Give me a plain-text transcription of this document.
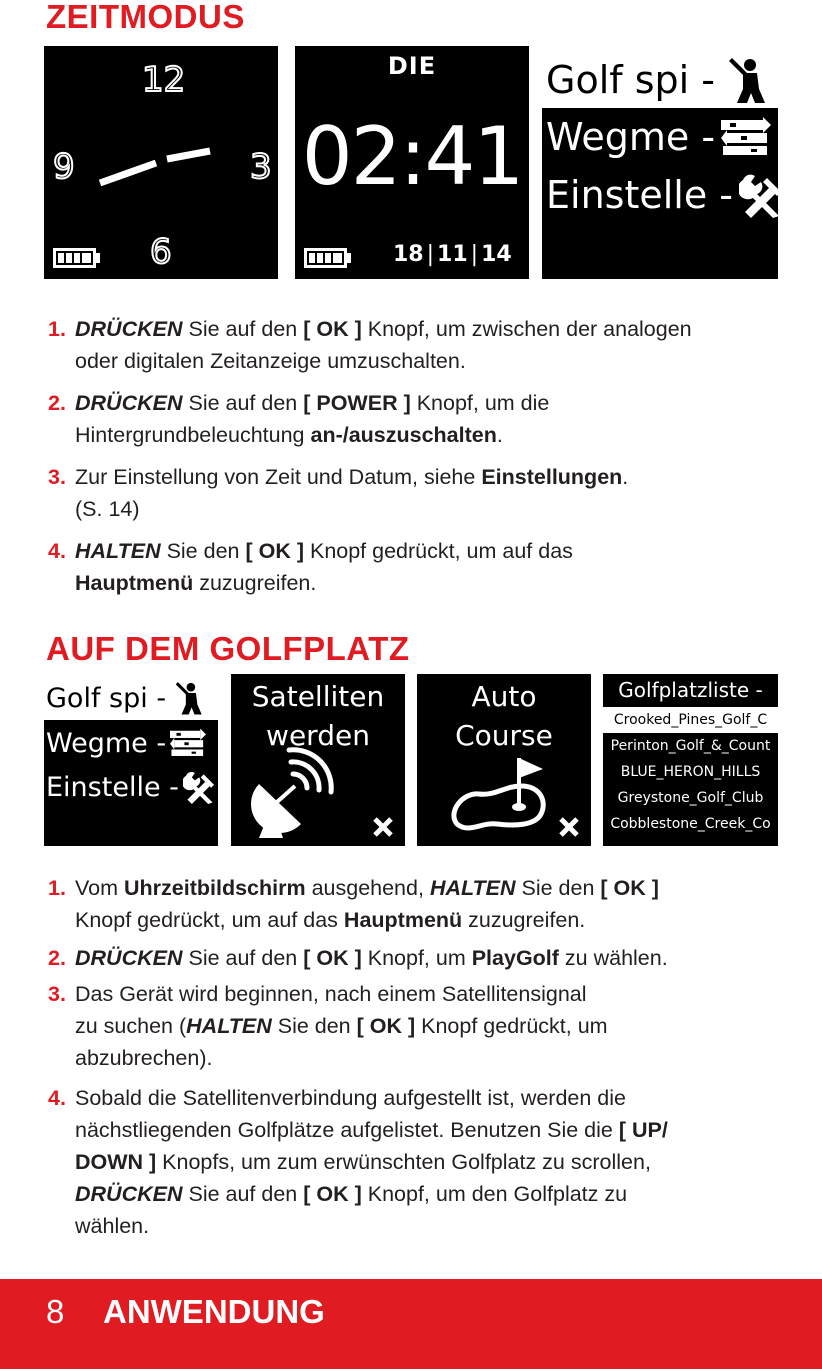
ZEITMODUS
12
3
6
9
DIE
02:41
18 | 11 | 14
Golf spi -
Wegme -
Einstelle -
1. DRÜCKEN Sie auf den [ OK ] Knopf, um zwischen der analogen
oder digitalen Zeitanzeige umzuschalten.
2. DRÜCKEN Sie auf den [ POWER ] Knopf, um die
Hintergrundbeleuchtung an-/auszuschalten.
3. Zur Einstellung von Zeit und Datum, siehe Einstellungen.
(S. 14)
4. HALTEN Sie den [ OK ] Knopf gedrückt, um auf das
Hauptmenü zuzugreifen.
AUF DEM GOLFPLATZ
Golf spi -
Wegme -
Einstelle -
Satelliten
werden
Auto
Course
Golfplatzliste -
Crooked_Pines_Golf_C
Perinton_Golf_&_Count
BLUE_HERON_HILLS
Greystone_Golf_Club
Cobblestone_Creek_Co
1. Vom Uhrzeitbildschirm ausgehend, HALTEN Sie den [ OK ]
Knopf gedrückt, um auf das Hauptmenü zuzugreifen.
2. DRÜCKEN Sie auf den [ OK ] Knopf, um PlayGolf zu wählen.
3. Das Gerät wird beginnen, nach einem Satellitensignal
zu suchen (HALTEN Sie den [ OK ] Knopf gedrückt, um
abzubrechen).
4. Sobald die Satellitenverbindung aufgestellt ist, werden die
nächstliegenden Golfplätze aufgelistet. Benutzen Sie die [ UP/
DOWN ] Knopfs, um zum erwünschten Golfplatz zu scrollen,
DRÜCKEN Sie auf den [ OK ] Knopf, um den Golfplatz zu
wählen.
8 ANWENDUNG
